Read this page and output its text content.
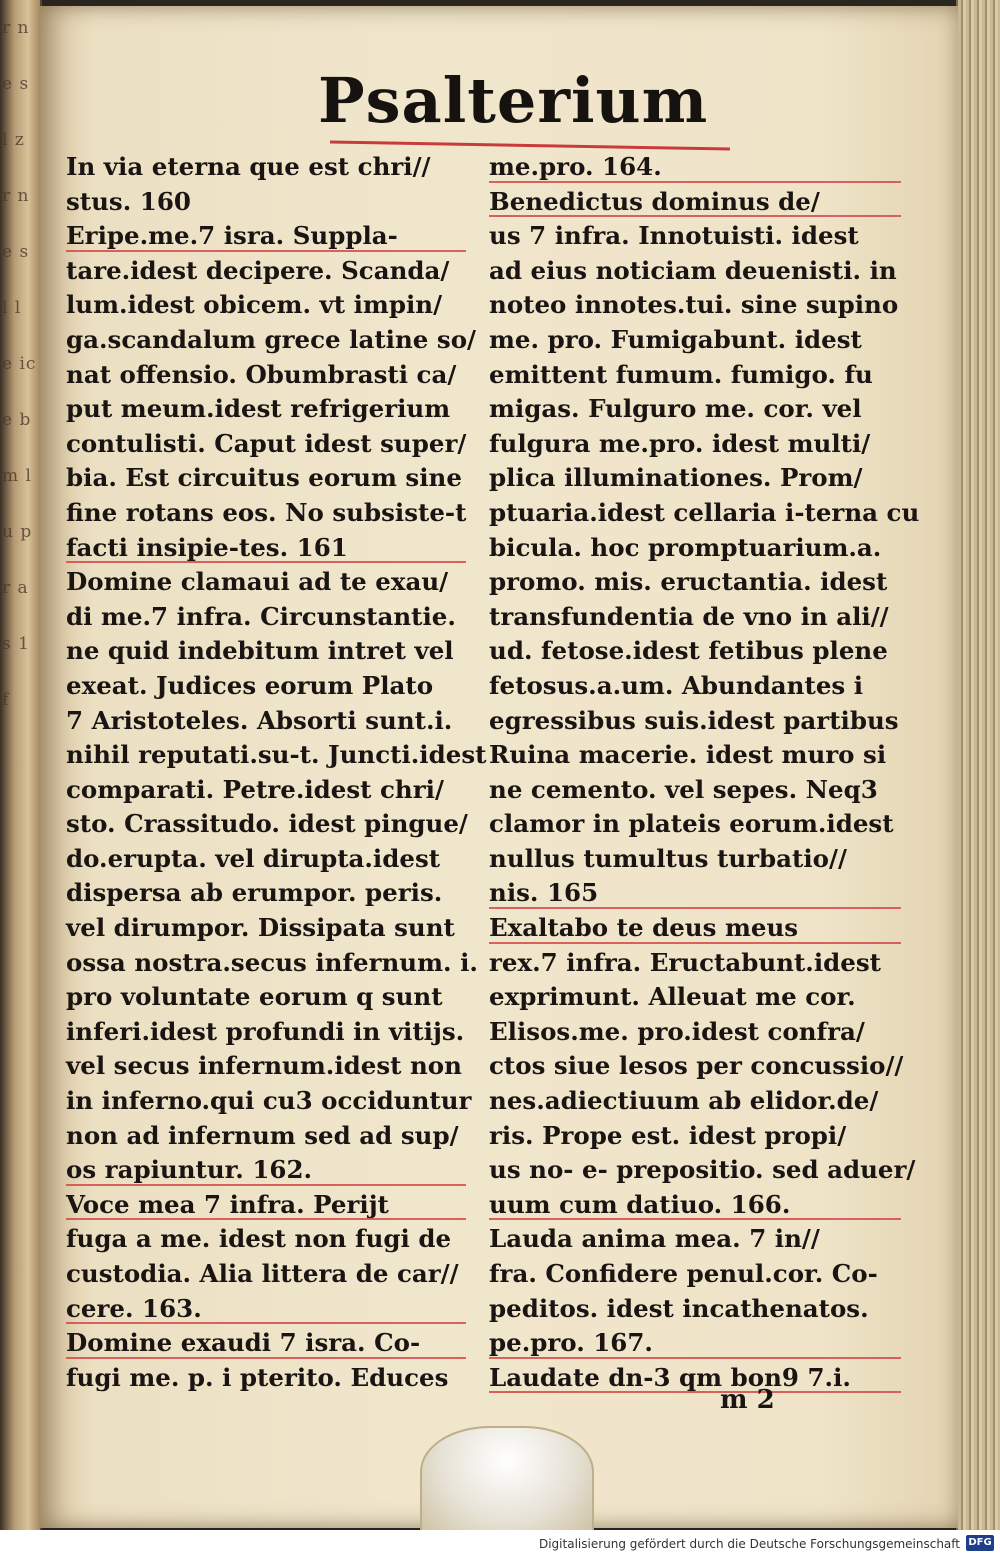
r n e s l z r n e s l l e ic e b m l u p r a s 1 f
Psalterium
In via eterna que est chri//
stus. 160
Eripe.me.7 isra. Suppla-
tare.idest decipere. Scanda/
lum.idest obicem. vt impin/
ga.scandalum grece latine so/
nat offensio. Obumbrasti ca/
put meum.idest refrigerium
contulisti. Caput idest super/
bia. Est circuitus eorum sine
fine rotans eos. No subsiste-t
facti insipie-tes. 161
Domine clamaui ad te exau/
di me.7 infra. Circunstantie.
ne quid indebitum intret vel
exeat. Judices eorum Plato
7 Aristoteles. Absorti sunt.i.
nihil reputati.su-t. Juncti.idest
comparati. Petre.idest chri/
sto. Crassitudo. idest pingue/
do.erupta. vel dirupta.idest
dispersa ab erumpor. peris.
vel dirumpor. Dissipata sunt
ossa nostra.secus infernum. i.
pro voluntate eorum q sunt
inferi.idest profundi in vitijs.
vel secus infernum.idest non
in inferno.qui cu3 occiduntur
non ad infernum sed ad sup/
os rapiuntur. 162.
Voce mea 7 infra. Perijt
fuga a me. idest non fugi de
custodia. Alia littera de car//
cere. 163.
Domine exaudi 7 isra. Co-
fugi me. p. i pterito. Educes
me.pro. 164.
Benedictus dominus de/
us 7 infra. Innotuisti. idest
ad eius noticiam deuenisti. in
noteo innotes.tui. sine supino
me. pro. Fumigabunt. idest
emittent fumum. fumigo. fu
migas. Fulguro me. cor. vel
fulgura me.pro. idest multi/
plica illuminationes. Prom/
ptuaria.idest cellaria i-terna cu
bicula. hoc promptuarium.a.
promo. mis. eructantia. idest
transfundentia de vno in ali//
ud. fetose.idest fetibus plene
fetosus.a.um. Abundantes i
egressibus suis.idest partibus
Ruina macerie. idest muro si
ne cemento. vel sepes. Neq3
clamor in plateis eorum.idest
nullus tumultus turbatio//
nis. 165
Exaltabo te deus meus
rex.7 infra. Eructabunt.idest
exprimunt. Alleuat me cor.
Elisos.me. pro.idest confra/
ctos siue lesos per concussio//
nes.adiectiuum ab elidor.de/
ris. Prope est. idest propi/
us no- e- prepositio. sed aduer/
uum cum datiuo. 166.
Lauda anima mea. 7 in//
fra. Confidere penul.cor. Co-
peditos. idest incathenatos.
pe.pro. 167.
Laudate dn-3 qm bon9 7.i.
m 2
Digitalisierung gefördert durch die Deutsche Forschungsgemeinschaft DFG
